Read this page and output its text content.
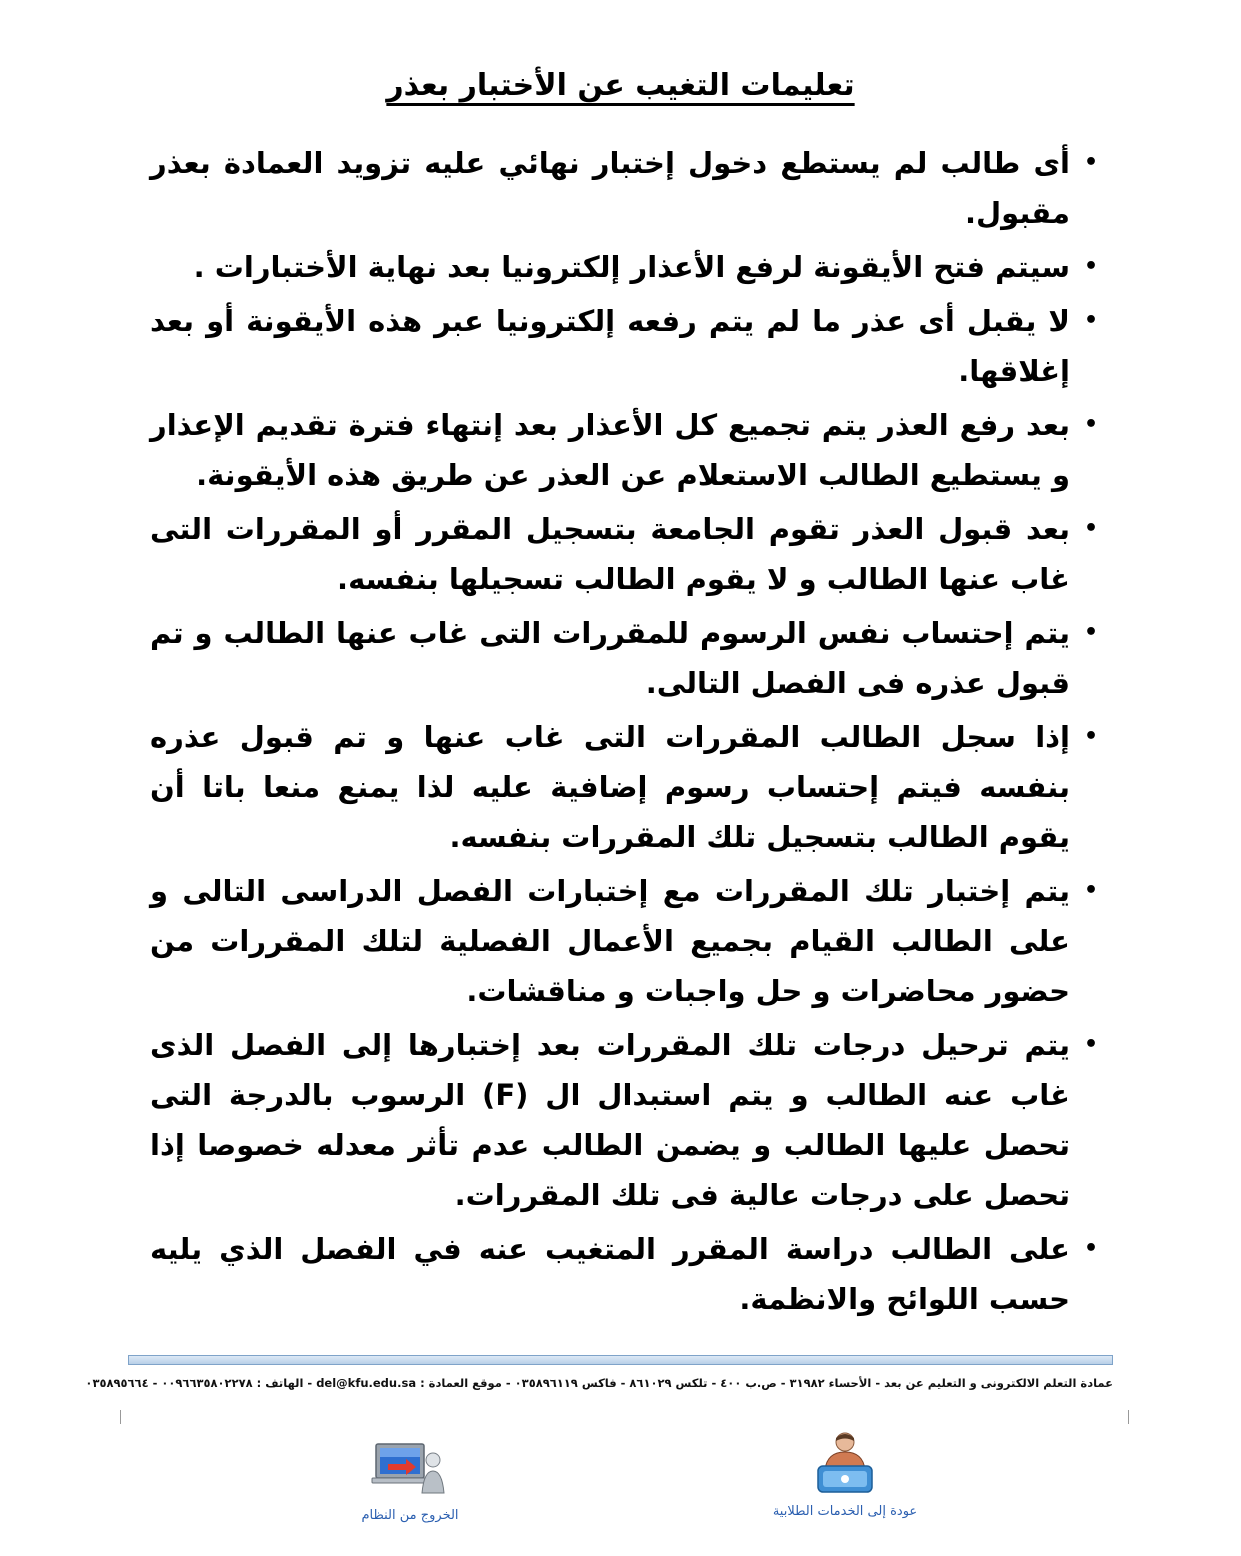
تعليمات التغيب عن الأختبار بعذر
•
أى طالب لم يستطع دخول إختبار نهائي عليه تزويد العمادة بعذر مقبول.
•
سيتم فتح الأيقونة لرفع الأعذار إلكترونيا بعد نهاية الأختبارات .
•
لا يقبل أى عذر ما لم يتم رفعه إلكترونيا عبر هذه الأيقونة أو بعد إغلاقها.
•
بعد رفع العذر يتم تجميع كل الأعذار بعد إنتهاء فترة تقديم الإعذار و يستطيع الطالب الاستعلام عن العذر عن طريق هذه الأيقونة.
•
بعد قبول العذر تقوم الجامعة بتسجيل المقرر أو المقررات التى غاب عنها الطالب و لا يقوم الطالب تسجيلها بنفسه.
•
يتم إحتساب نفس الرسوم للمقررات التى غاب عنها الطالب و تم قبول عذره فى الفصل التالى.
•
إذا سجل الطالب المقررات التى غاب عنها و تم قبول عذره بنفسه فيتم إحتساب رسوم إضافية عليه لذا يمنع منعا باتا أن يقوم الطالب بتسجيل تلك المقررات بنفسه.
•
يتم إختبار تلك المقررات مع إختبارات الفصل الدراسى التالى و على الطالب القيام بجميع الأعمال الفصلية لتلك المقررات من حضور محاضرات و حل واجبات و مناقشات.
•
يتم ترحيل درجات تلك المقررات بعد إختبارها إلى الفصل الذى غاب عنه الطالب و يتم استبدال ال (F) الرسوب بالدرجة التى تحصل عليها الطالب و يضمن الطالب عدم تأثر معدله خصوصا إذا تحصل على درجات عالية فى تلك المقررات.
•
على الطالب دراسة المقرر المتغيب عنه في الفصل الذي يليه حسب اللوائح والانظمة.
عمادة التعلم الالكترونى و التعليم عن بعد - الأحساء ٣١٩٨٢ - ص.ب ٤٠٠ - تلكس ٨٦١٠٢٩ - فاكس ٠٣٥٨٩٦١١٩ - موقع العمادة : del@kfu.edu.sa - الهاتف : ٠٠٩٦٦٣٥٨٠٢٢٧٨ - ٠٣٥٨٩٥٦٦٤
الخروج من النظام	عودة إلى الخدمات الطلابية
